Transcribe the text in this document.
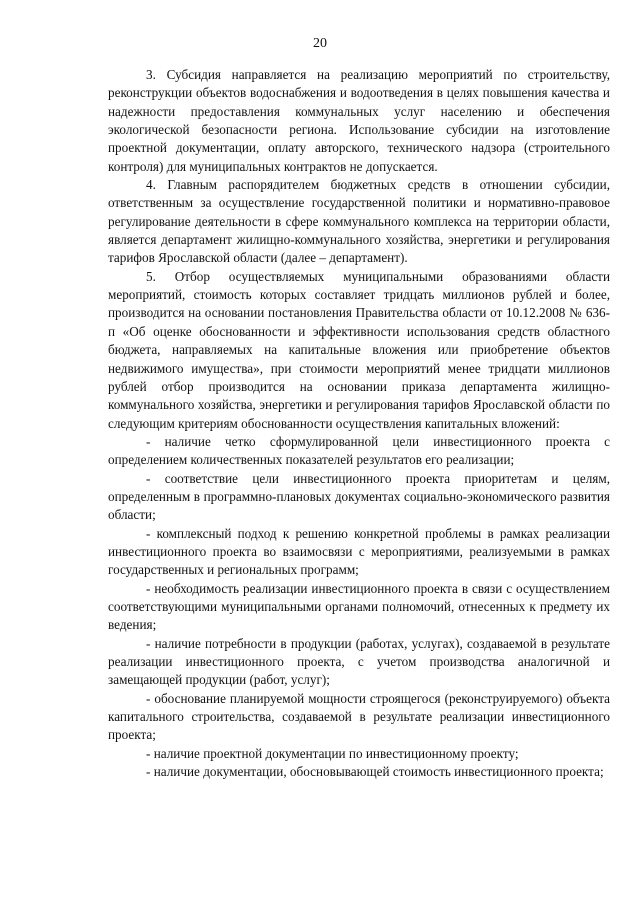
20

3. Субсидия направляется на реализацию мероприятий по строительству, реконструкции объектов водоснабжения и водоотведения в целях повышения качества и надежности предоставления коммунальных услуг населению и обеспечения экологической безопасности региона. Использование субсидии на изготовление проектной документации, оплату авторского, технического надзора (строительного контроля) для муниципальных контрактов не допускается.

4. Главным распорядителем бюджетных средств в отношении субсидии, ответственным за осуществление государственной политики и нормативно-правовое регулирование деятельности в сфере коммунального комплекса на территории области, является департамент жилищно-коммунального хозяйства, энергетики и регулирования тарифов Ярославской области (далее – департамент).

5. Отбор осуществляемых муниципальными образованиями области мероприятий, стоимость которых составляет тридцать миллионов рублей и более, производится на основании постановления Правительства области от 10.12.2008 № 636-п «Об оценке обоснованности и эффективности использования средств областного бюджета, направляемых на капитальные вложения или приобретение объектов недвижимого имущества», при стоимости мероприятий менее тридцати миллионов рублей отбор производится на основании приказа департамента жилищно-коммунального хозяйства, энергетики и регулирования тарифов Ярославской области по следующим критериям обоснованности осуществления капитальных вложений:

- наличие четко сформулированной цели инвестиционного проекта с определением количественных показателей результатов его реализации;

- соответствие цели инвестиционного проекта приоритетам и целям, определенным в программно-плановых документах социально-экономического развития области;

- комплексный подход к решению конкретной проблемы в рамках реализации инвестиционного проекта во взаимосвязи с мероприятиями, реализуемыми в рамках государственных и региональных программ;

- необходимость реализации инвестиционного проекта в связи с осуществлением соответствующими муниципальными органами полномочий, отнесенных к предмету их ведения;

- наличие потребности в продукции (работах, услугах), создаваемой в результате реализации инвестиционного проекта, с учетом производства аналогичной и замещающей продукции (работ, услуг);

- обоснование планируемой мощности строящегося (реконструируемого) объекта капитального строительства, создаваемой в результате реализации инвестиционного проекта;

- наличие проектной документации по инвестиционному проекту;

- наличие документации, обосновывающей стоимость инвестиционного проекта;
